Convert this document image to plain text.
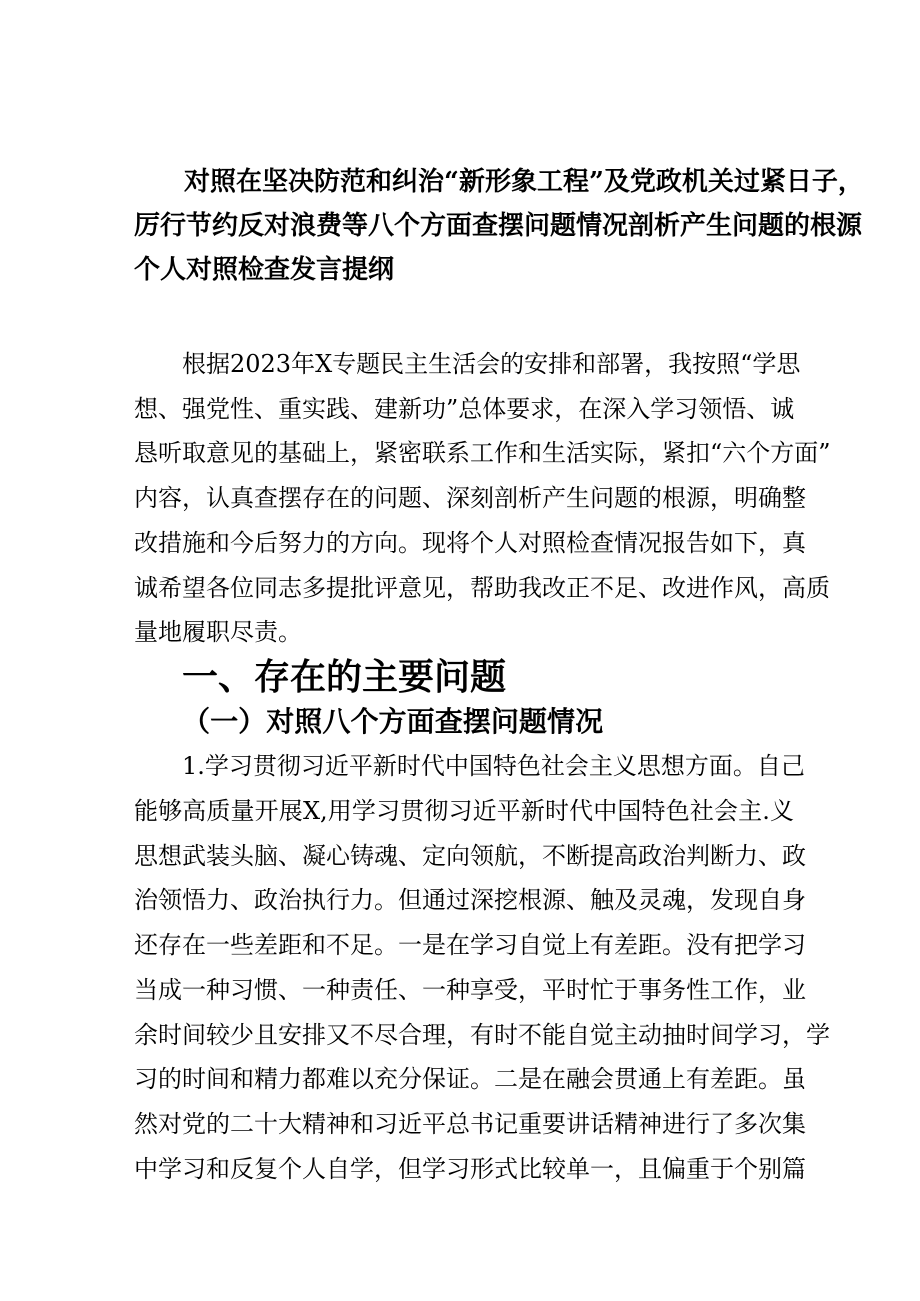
对照在坚决防范和纠治“新形象工程”及党政机关过紧日子，
厉行节约反对浪费等八个方面查摆问题情况剖析产生问题的根源
个人对照检查发言提纲

根据2023年X专题民主生活会的安排和部署，我按照“学思
想、强党性、重实践、建新功”总体要求，在深入学习领悟、诚
恳听取意见的基础上，紧密联系工作和生活实际，紧扣“六个方面”
内容，认真查摆存在的问题、深刻剖析产生问题的根源，明确整
改措施和今后努力的方向。现将个人对照检查情况报告如下，真
诚希望各位同志多提批评意见，帮助我改正不足、改进作风，高质
量地履职尽责。

一、存在的主要问题
（一）对照八个方面查摆问题情况

1.学习贯彻习近平新时代中国特色社会主义思想方面。自己
能够高质量开展X,用学习贯彻习近平新时代中国特色社会主.义
思想武装头脑、凝心铸魂、定向领航，不断提高政治判断力、政
治领悟力、政治执行力。但通过深挖根源、触及灵魂，发现自身
还存在一些差距和不足。一是在学习自觉上有差距。没有把学习
当成一种习惯、一种责任、一种享受，平时忙于事务性工作，业
余时间较少且安排又不尽合理，有时不能自觉主动抽时间学习，学
习的时间和精力都难以充分保证。二是在融会贯通上有差距。虽
然对党的二十大精神和习近平总书记重要讲话精神进行了多次集
中学习和反复个人自学，但学习形式比较单一，且偏重于个别篇
